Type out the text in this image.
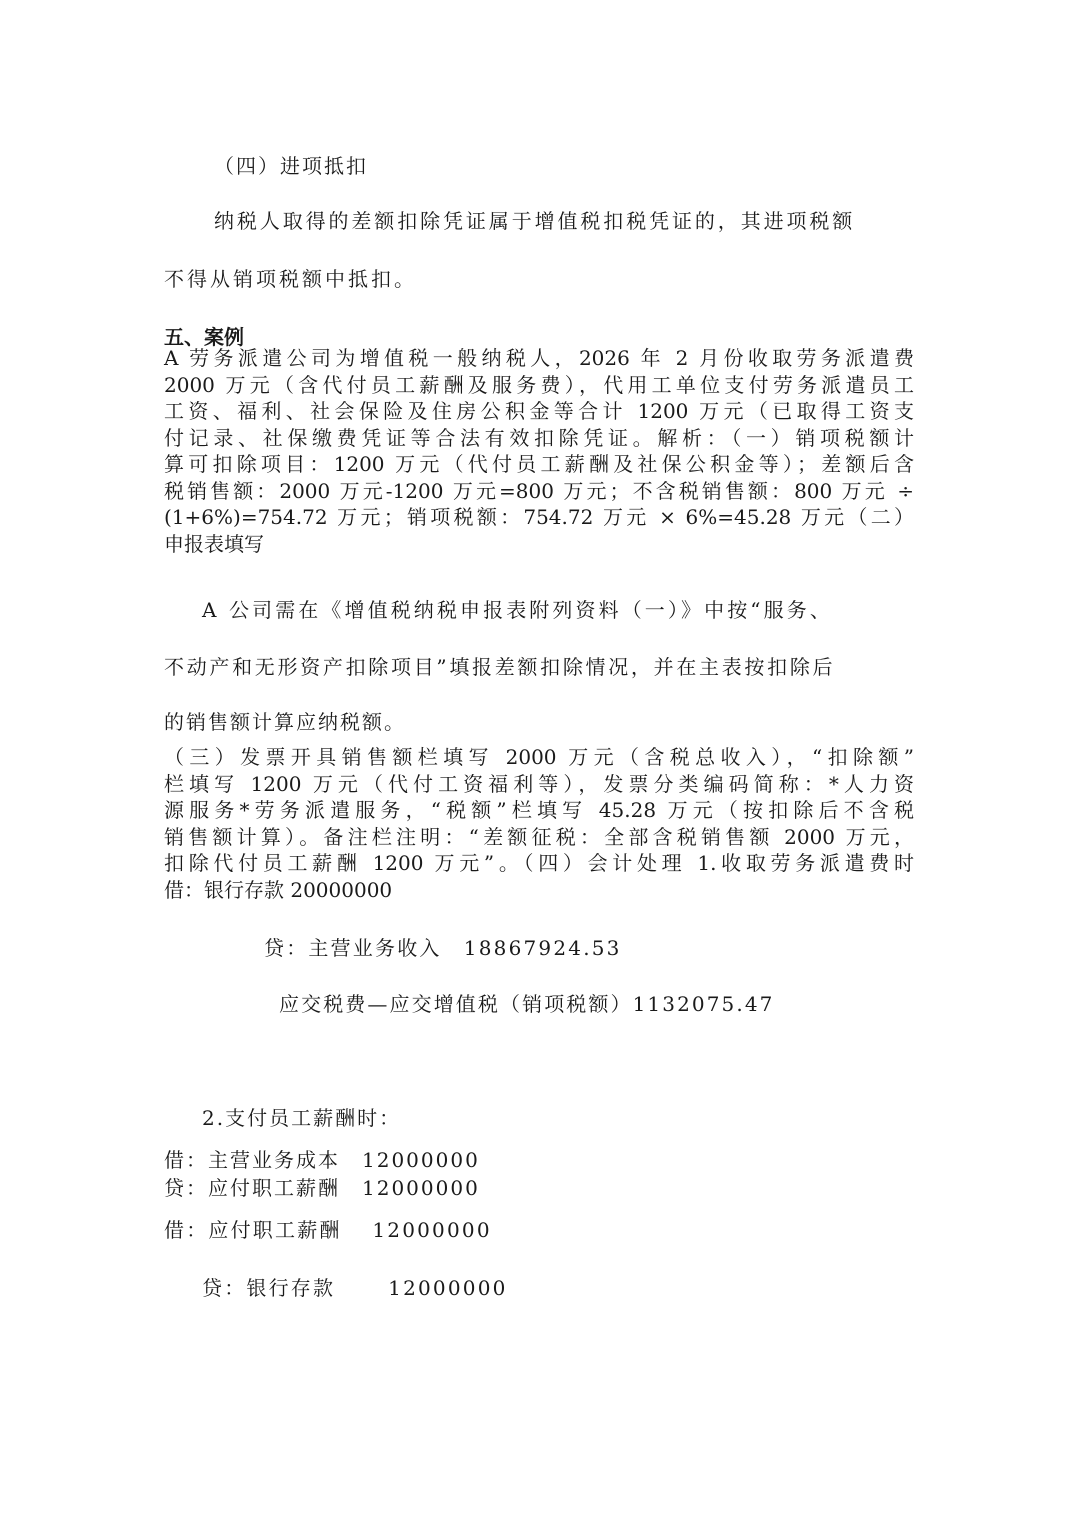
（四）进项抵扣
纳税人取得的差额扣除凭证属于增值税扣税凭证的，其进项税额
不得从销项税额中抵扣。
五、案例
A 劳务派遣公司为增值税一般纳税人，2026 年 2 月份收取劳务派遣费
2000 万元（含代付员工薪酬及服务费），代用工单位支付劳务派遣员工
工资、福利、社会保险及住房公积金等合计 1200 万元（已取得工资支
付记录、社保缴费凭证等合法有效扣除凭证。解析：（一）销项税额计
算可扣除项目：1200 万元（代付员工薪酬及社保公积金等）；差额后含
税销售额：2000 万元-1200 万元=800 万元；不含税销售额：800 万元 ÷
(1+6%)=754.72 万元；销项税额：754.72 万元 × 6%=45.28 万元（二）
申报表填写
A 公司需在《增值税纳税申报表附列资料（一）》中按“服务、
不动产和无形资产扣除项目”填报差额扣除情况，并在主表按扣除后
的销售额计算应纳税额。
（三）发票开具销售额栏填写 2000 万元（含税总收入），“扣除额”
栏填写 1200 万元（代付工资福利等），发票分类编码简称：*人力资
源服务*劳务派遣服务，“税额”栏填写 45.28 万元（按扣除后不含税
销售额计算）。备注栏注明：“差额征税：全部含税销售额 2000 万元，
扣除代付员工薪酬 1200 万元”。（四）会计处理 1.收取劳务派遣费时
借：银行存款 20000000
贷：主营业务收入　18867924.53
应交税费—应交增值税（销项税额）1132075.47
2.支付员工薪酬时：
借：主营业务成本　12000000
贷：应付职工薪酬　12000000
借：应付职工薪酬　 12000000
贷：银行存款　　 12000000
